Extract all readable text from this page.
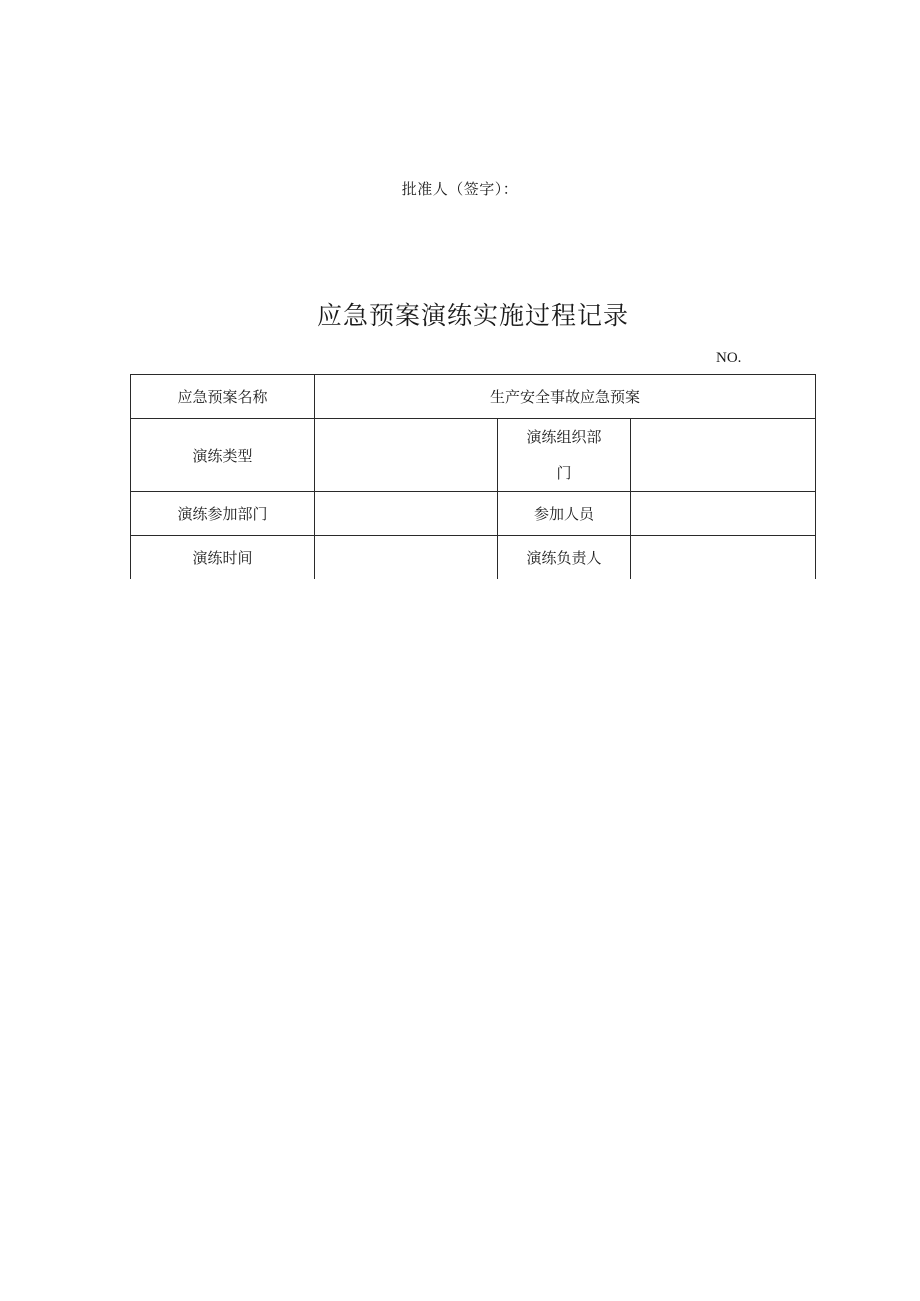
批准人（签字）：
应急预案演练实施过程记录
NO.
应急预案名称	生产安全事故应急预案		
演练类型		演练组织部
门	

演练参加部门		参加人员	
演练时间		演练负责人	
